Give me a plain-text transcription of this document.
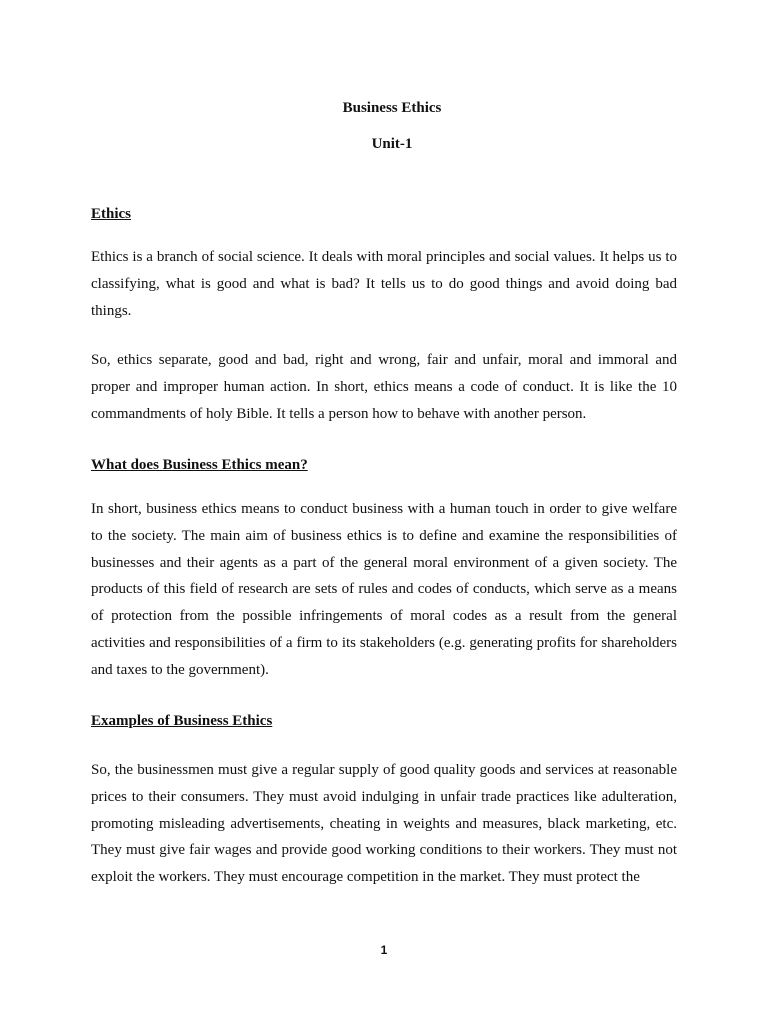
Business Ethics
Unit-1
Ethics

Ethics is a branch of social science. It deals with moral principles and social values. It helps us to classifying, what is good and what is bad? It tells us to do good things and avoid doing bad things.

So, ethics separate, good and bad, right and wrong, fair and unfair, moral and immoral and proper and improper human action. In short, ethics means a code of conduct. It is like the 10 commandments of holy Bible. It tells a person how to behave with another person.

What does Business Ethics mean?

In short, business ethics means to conduct business with a human touch in order to give welfare to the society. The main aim of business ethics is to define and examine the responsibilities of businesses and their agents as a part of the general moral environment of a given society. The products of this field of research are sets of rules and codes of conducts, which serve as a means of protection from the possible infringements of moral codes as a result from the general activities and responsibilities of a firm to its stakeholders (e.g. generating profits for shareholders and taxes to the government).

Examples of Business Ethics

So, the businessmen must give a regular supply of good quality goods and services at reasonable prices to their consumers. They must avoid indulging in unfair trade practices like adulteration, promoting misleading advertisements, cheating in weights and measures, black marketing, etc. They must give fair wages and provide good working conditions to their workers. They must not exploit the workers. They must encourage competition in the market. They must protect the

1
